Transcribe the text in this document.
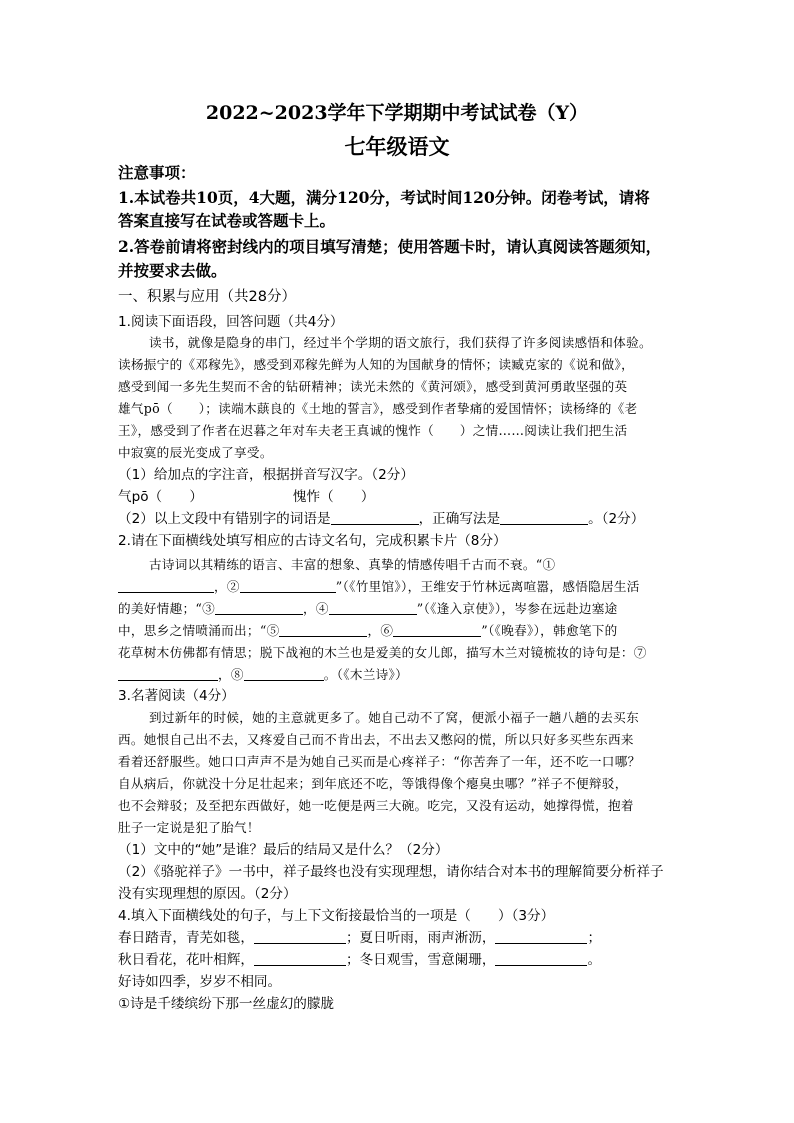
2022~2023学年下学期期中考试试卷（Y）
七年级语文
注意事项：
1.本试卷共10页，4大题，满分120分，考试时间120分钟。闭卷考试，请将
答案直接写在试卷或答题卡上。
2.答卷前请将密封线内的项目填写清楚；使用答题卡时，请认真阅读答题须知，
并按要求去做。
一、积累与应用（共28分）
1.阅读下面语段，回答问题（共4分）
读书，就像是隐身的串门，经过半个学期的语文旅行，我们获得了许多阅读感悟和体验。
读杨振宁的《邓稼先》，感受到邓稼先鲜为人知的为国献身的情怀；读臧克家的《说和做》，
感受到闻一多先生契而不舍的钻研精神；读光未然的《黄河颂》，感受到黄河勇敢坚强的英
雄气pō（　　）；读端木蕻良的《土地的誓言》，感受到作者挚痛的爱国情怀；读杨绛的《老
王》，感受到了作者在迟暮之年对车夫老王真诚的愧怍（　　）之情……阅读让我们把生活
中寂寞的辰光变成了享受。
（1）给加点的字注音，根据拼音写汉字。（2分）
气pō（　　）	愧怍（　　）
（2）以上文段中有错别字的词语是	，正确写法是	。（2分）
2.请在下面横线处填写相应的古诗文名句，完成积累卡片（8分）
古诗词以其精练的语言、丰富的想象、真挚的情感传唱千古而不衰。“①
，②	”（《竹里馆》），王维安于竹林远离喧嚣，感悟隐居生活
的美好情趣；“③	，④	”（《逢入京使》），岑参在远赴边塞途
中，思乡之情喷涌而出；“⑤	，⑥	”（《晚春》），韩愈笔下的
花草树木仿佛都有情思；脱下战袍的木兰也是爱美的女儿郎，描写木兰对镜梳妆的诗句是：⑦
，⑧	。（《木兰诗》）
3.名著阅读（4分）
到过新年的时候，她的主意就更多了。她自己动不了窝，便派小福子一趟八趟的去买东
西。她恨自己出不去，又疼爱自己而不肯出去，不出去又憋闷的慌，所以只好多买些东西来
看着还舒服些。她口口声声不是为她自己买而是心疼祥子：“你苦奔了一年，还不吃一口哪？
自从病后，你就没十分足壮起来；到年底还不吃，等饿得像个瘪臭虫哪？”祥子不便辩驳，
也不会辩驳；及至把东西做好，她一吃便是两三大碗。吃完，又没有运动，她撑得慌，抱着
肚子一定说是犯了胎气！
（1）文中的“她”是谁？最后的结局又是什么？（2分）
（2）《骆驼祥子》一书中，祥子最终也没有实现理想，请你结合对本书的理解简要分析祥子
没有实现理想的原因。（2分）
4.填入下面横线处的句子，与上下文衔接最恰当的一项是（　　）（3分）
春日踏青，青芜如毯，	；夏日听雨，雨声淅沥，	；
秋日看花，花叶相辉，	；冬日观雪，雪意阑珊，	。
好诗如四季，岁岁不相同。
①诗是千缕缤纷下那一丝虚幻的朦胧
